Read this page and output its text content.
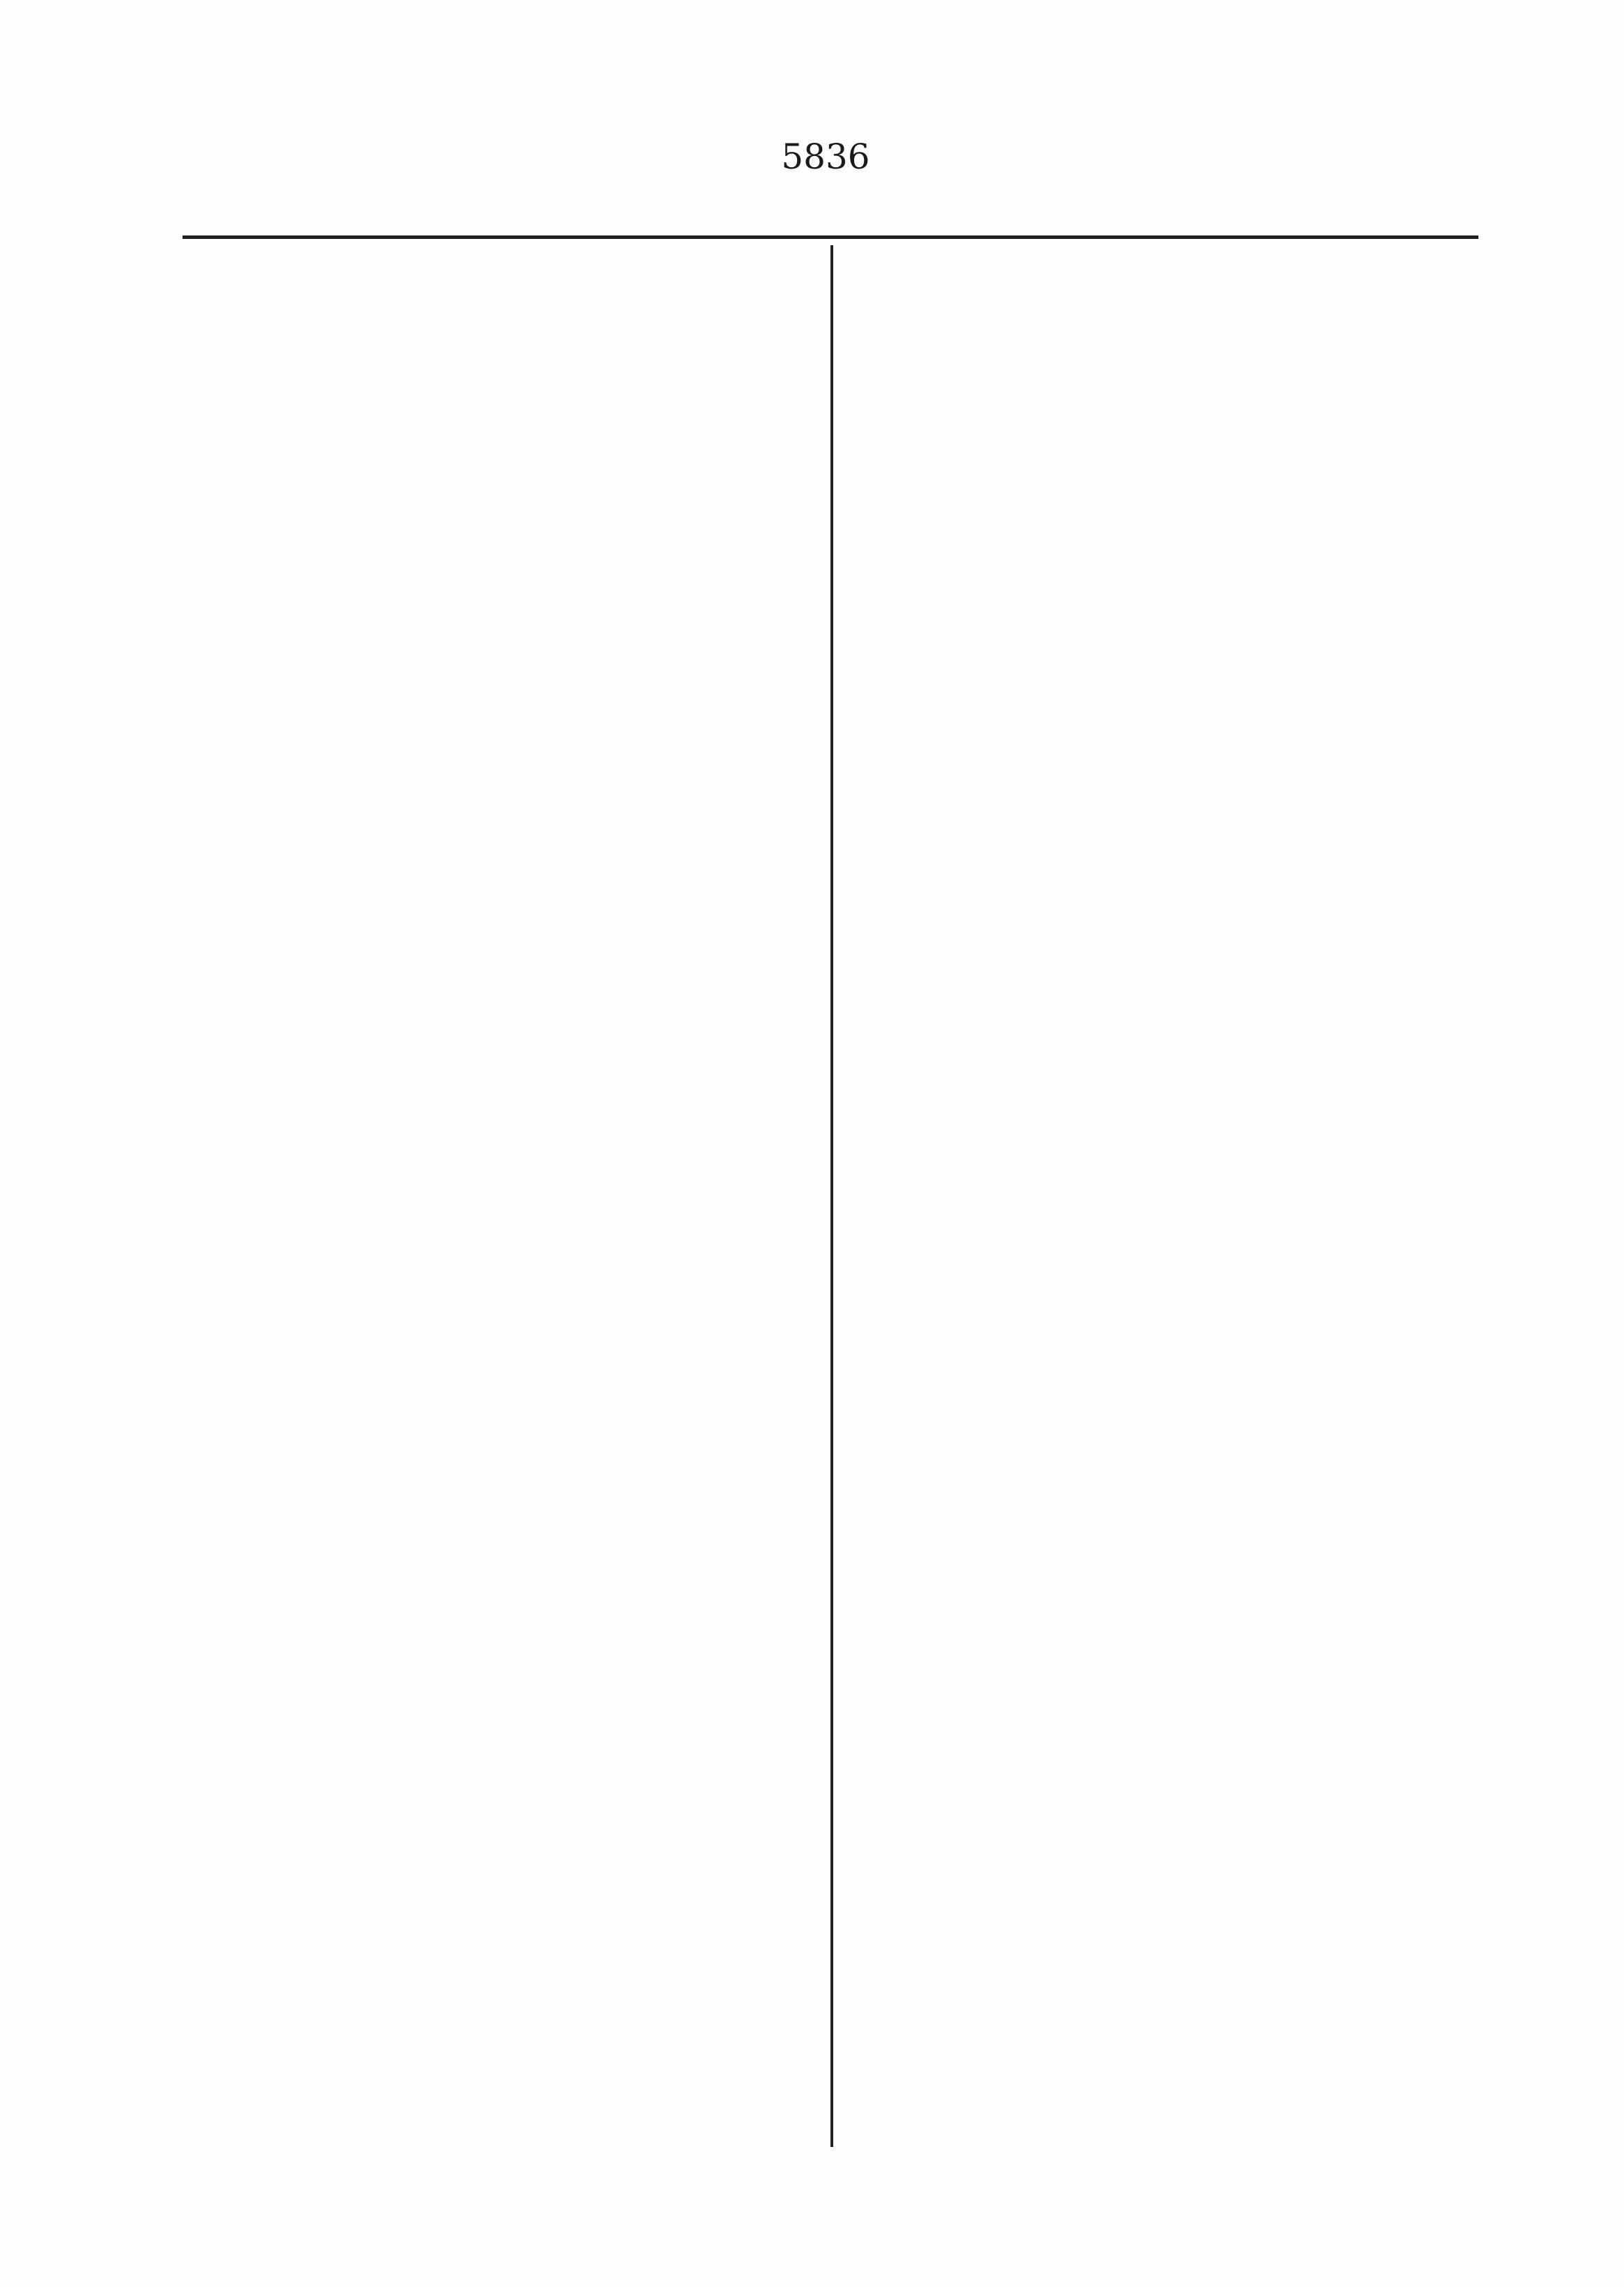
5836
